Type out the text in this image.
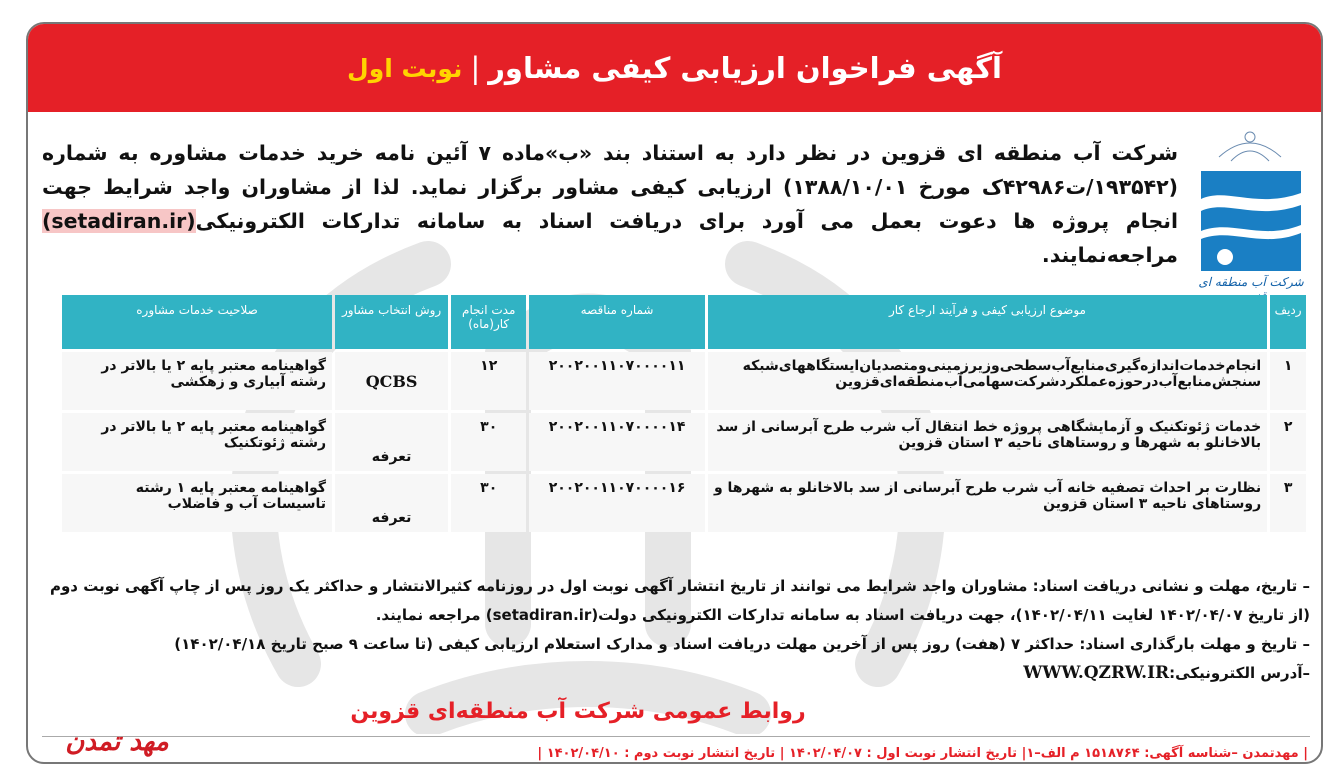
آگهی فراخوان ارزیابی کیفی مشاور
|
نوبت اول
شرکت آب منطقه ای
شرکت آب منطقه ای قزوین در نظر دارد به استناد بند «ب»ماده ۷ آئین نامه خرید خدمات مشاوره به شماره (۱۹۳۵۴۲/ت۴۲۹۸۶ک مورخ ۱۳۸۸/۱۰/۰۱) ارزیابی کیفی مشاور برگزار نماید. لذا از مشاوران واجد شرایط جهت انجام پروژه ها دعوت بعمل می آورد برای دریافت اسناد به سامانه تدارکات الکترونیکی(setadiran.ir) مراجعه‌نمایند.
ردیف	موضوع ارزیابی کیفی و فرآیند ارجاع کار	شماره مناقصه	مدت انجام کار(ماه)	روش انتخاب مشاور	صلاحیت خدمات مشاوره
۱	انجام‌خدمات‌اندازه‌گیری‌منابع‌آب‌سطحی‌وزیرزمینی‌ومتصدیان‌ایستگاههای‌شبکه سنجش‌منابع‌آب‌در‌حوزه‌عملکرد‌شرکت‌سهامی‌آب‌منطقه‌ای‌قزوین	۲۰۰۲۰۰۱۱۰۷۰۰۰۰۱۱	۱۲	QCBS	گواهینامه معتبر پایه ۲ یا بالاتر در رشته آبیاری و زهکشی
۲	خدمات ژئوتکنیک و آزمایشگاهی پروژه خط انتقال آب شرب طرح آبرسانی از سد بالاخانلو به شهرها و روستاهای ناحیه ۳ استان قزوین	۲۰۰۲۰۰۱۱۰۷۰۰۰۰۱۴	۳۰	تعرفه	گواهینامه معتبر پایه ۲ یا بالاتر در رشته ژئوتکنیک
۳	نظارت بر احداث تصفیه خانه آب شرب طرح آبرسانی از سد بالاخانلو به شهرها و روستاهای ناحیه ۳ استان قزوین	۲۰۰۲۰۰۱۱۰۷۰۰۰۰۱۶	۳۰	تعرفه	گواهینامه معتبر پایه ۱ رشته تاسیسات آب و فاضلاب
– تاریخ، مهلت و نشانی دریافت اسناد: مشاوران واجد شرایط می توانند از تاریخ انتشار آگهی نوبت اول در روزنامه کثیرالانتشار و حداکثر یک روز پس از چاپ آگهی نوبت دوم (از تاریخ ۱۴۰۲/۰۴/۰۷ لغایت ۱۴۰۲/۰۴/۱۱)، جهت دریافت اسناد به سامانه تدارکات الکترونیکی دولت(setadiran.ir) مراجعه نمایند.
– تاریخ و مهلت بارگذاری اسناد: حداکثر ۷ (هفت) روز پس از آخرین مهلت دریافت اسناد و مدارک استعلام ارزیابی کیفی (تا ساعت ۹ صبح تاریخ ۱۴۰۲/۰۴/۱۸)
–آدرس الکترونیکی:WWW.QZRW.IR
روابط عمومی شرکت آب منطقه‌ای قزوین
| مهدتمدن –شناسه آگهی: ۱۵۱۸۷۶۴ م الف–۱| تاریخ انتشار نوبت اول : ۱۴۰۲/۰۴/۰۷ | تاریخ انتشار نوبت دوم : ۱۴۰۲/۰۴/۱۰ |
مهد تمدن
